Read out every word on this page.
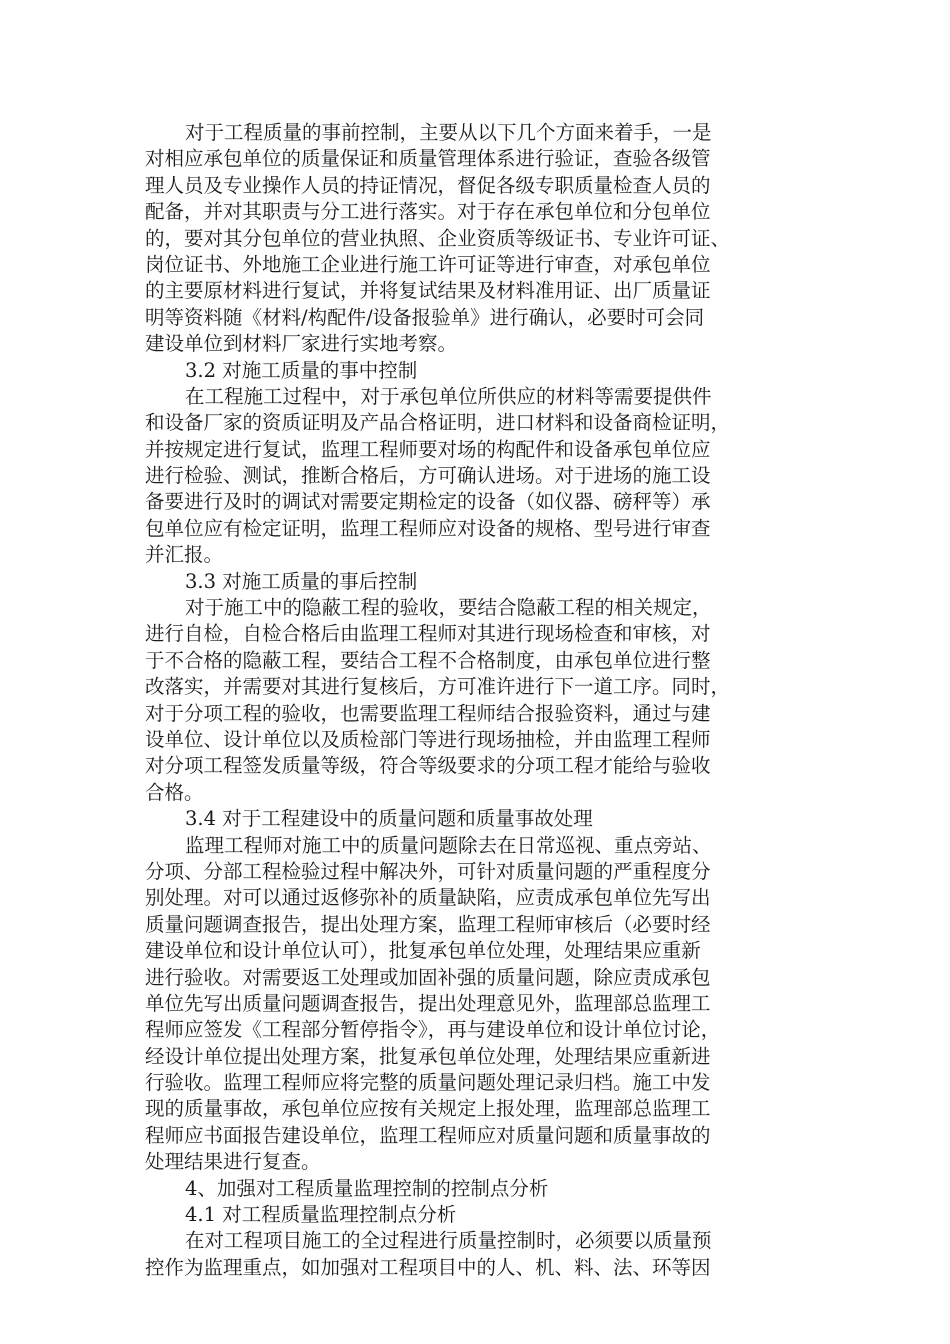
对于工程质量的事前控制，主要从以下几个方面来着手，一是
对相应承包单位的质量保证和质量管理体系进行验证，查验各级管
理人员及专业操作人员的持证情况，督促各级专职质量检查人员的
配备，并对其职责与分工进行落实。对于存在承包单位和分包单位
的，要对其分包单位的营业执照、企业资质等级证书、专业许可证、
岗位证书、外地施工企业进行施工许可证等进行审查，对承包单位
的主要原材料进行复试，并将复试结果及材料准用证、出厂质量证
明等资料随《材料/构配件/设备报验单》进行确认，必要时可会同
建设单位到材料厂家进行实地考察。
3.2 对施工质量的事中控制
在工程施工过程中，对于承包单位所供应的材料等需要提供件
和设备厂家的资质证明及产品合格证明，进口材料和设备商检证明，
并按规定进行复试，监理工程师要对场的构配件和设备承包单位应
进行检验、测试，推断合格后，方可确认进场。对于进场的施工设
备要进行及时的调试对需要定期检定的设备（如仪器、磅秤等）承
包单位应有检定证明，监理工程师应对设备的规格、型号进行审查
并汇报。
3.3 对施工质量的事后控制
对于施工中的隐蔽工程的验收，要结合隐蔽工程的相关规定，
进行自检，自检合格后由监理工程师对其进行现场检查和审核，对
于不合格的隐蔽工程，要结合工程不合格制度，由承包单位进行整
改落实，并需要对其进行复核后，方可准许进行下一道工序。同时，
对于分项工程的验收，也需要监理工程师结合报验资料，通过与建
设单位、设计单位以及质检部门等进行现场抽检，并由监理工程师
对分项工程签发质量等级，符合等级要求的分项工程才能给与验收
合格。
3.4 对于工程建设中的质量问题和质量事故处理
监理工程师对施工中的质量问题除去在日常巡视、重点旁站、
分项、分部工程检验过程中解决外，可针对质量问题的严重程度分
别处理。对可以通过返修弥补的质量缺陷，应责成承包单位先写出
质量问题调查报告，提出处理方案，监理工程师审核后（必要时经
建设单位和设计单位认可），批复承包单位处理，处理结果应重新
进行验收。对需要返工处理或加固补强的质量问题，除应责成承包
单位先写出质量问题调查报告，提出处理意见外，监理部总监理工
程师应签发《工程部分暂停指令》，再与建设单位和设计单位讨论，
经设计单位提出处理方案，批复承包单位处理，处理结果应重新进
行验收。监理工程师应将完整的质量问题处理记录归档。施工中发
现的质量事故，承包单位应按有关规定上报处理，监理部总监理工
程师应书面报告建设单位，监理工程师应对质量问题和质量事故的
处理结果进行复查。
4、加强对工程质量监理控制的控制点分析
4.1 对工程质量监理控制点分析
在对工程项目施工的全过程进行质量控制时，必须要以质量预
控作为监理重点，如加强对工程项目中的人、机、料、法、环等因
